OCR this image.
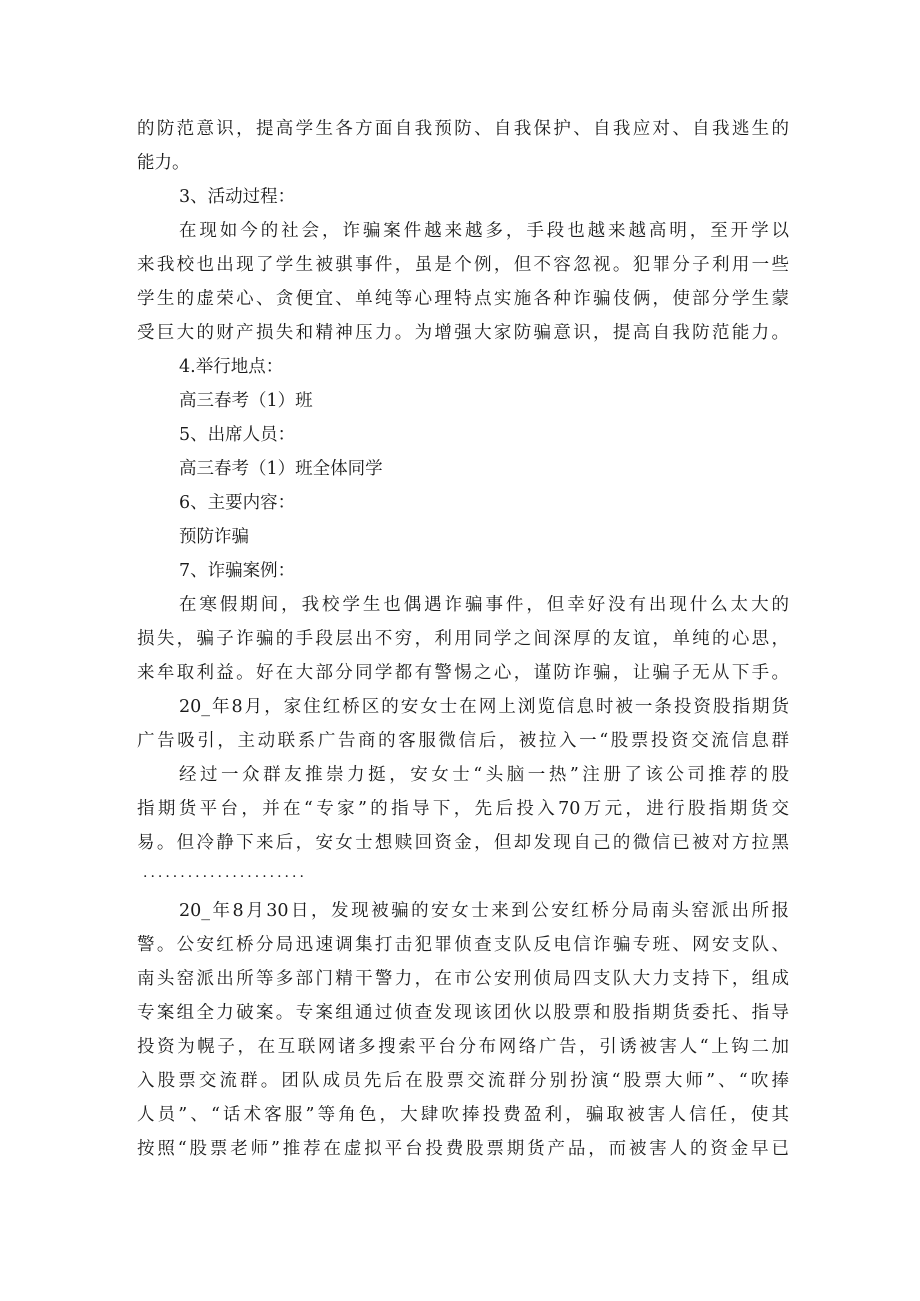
的防范意识，提高学生各方面自我预防、自我保护、自我应对、自我逃生的
能力。
3、活动过程：
在现如今的社会，诈骗案件越来越多，手段也越来越高明，至开学以
来我校也出现了学生被骐事件，虽是个例，但不容忽视。犯罪分子利用一些
学生的虚荣心、贪便宜、单纯等心理特点实施各种诈骗伎俩，使部分学生蒙
受巨大的财产损失和精神压力。为增强大家防骗意识，提高自我防范能力。
4.举行地点：
高三春考（1）班
5、出席人员：
高三春考（1）班全体同学
6、主要内容：
预防诈骗
7、诈骗案例：
在寒假期间，我校学生也偶遇诈骗事件，但幸好没有出现什么太大的
损失，骗子诈骗的手段层出不穷，利用同学之间深厚的友谊，单纯的心思，
来牟取利益。好在大部分同学都有警惕之心，谨防诈骗，让骗子无从下手。
20_年8月，家住红桥区的安女士在网上浏览信息时被一条投资股指期货
广告吸引，主动联系广告商的客服微信后，被拉入一“股票投资交流信息群
经过一众群友推崇力挺，安女士“头脑一热”注册了该公司推荐的股
指期货平台，并在“专家”的指导下，先后投入70万元，进行股指期货交
易。但冷静下来后，安女士想赎回资金，但却发现自己的微信已被对方拉黑
······················
20_年8月30日，发现被骗的安女士来到公安红桥分局南头窑派出所报
警。公安红桥分局迅速调集打击犯罪侦查支队反电信诈骗专班、网安支队、
南头窑派出所等多部门精干警力，在市公安刑侦局四支队大力支持下，组成
专案组全力破案。专案组通过侦查发现该团伙以股票和股指期货委托、指导
投资为幌子，在互联网诸多搜索平台分布网络广告，引诱被害人“上钩二加
入股票交流群。团队成员先后在股票交流群分别扮演“股票大师”、“吹捧
人员”、“话术客服”等角色，大肆吹捧投费盈利，骗取被害人信任，使其
按照“股票老师”推荐在虚拟平台投费股票期货产品，而被害人的资金早已
